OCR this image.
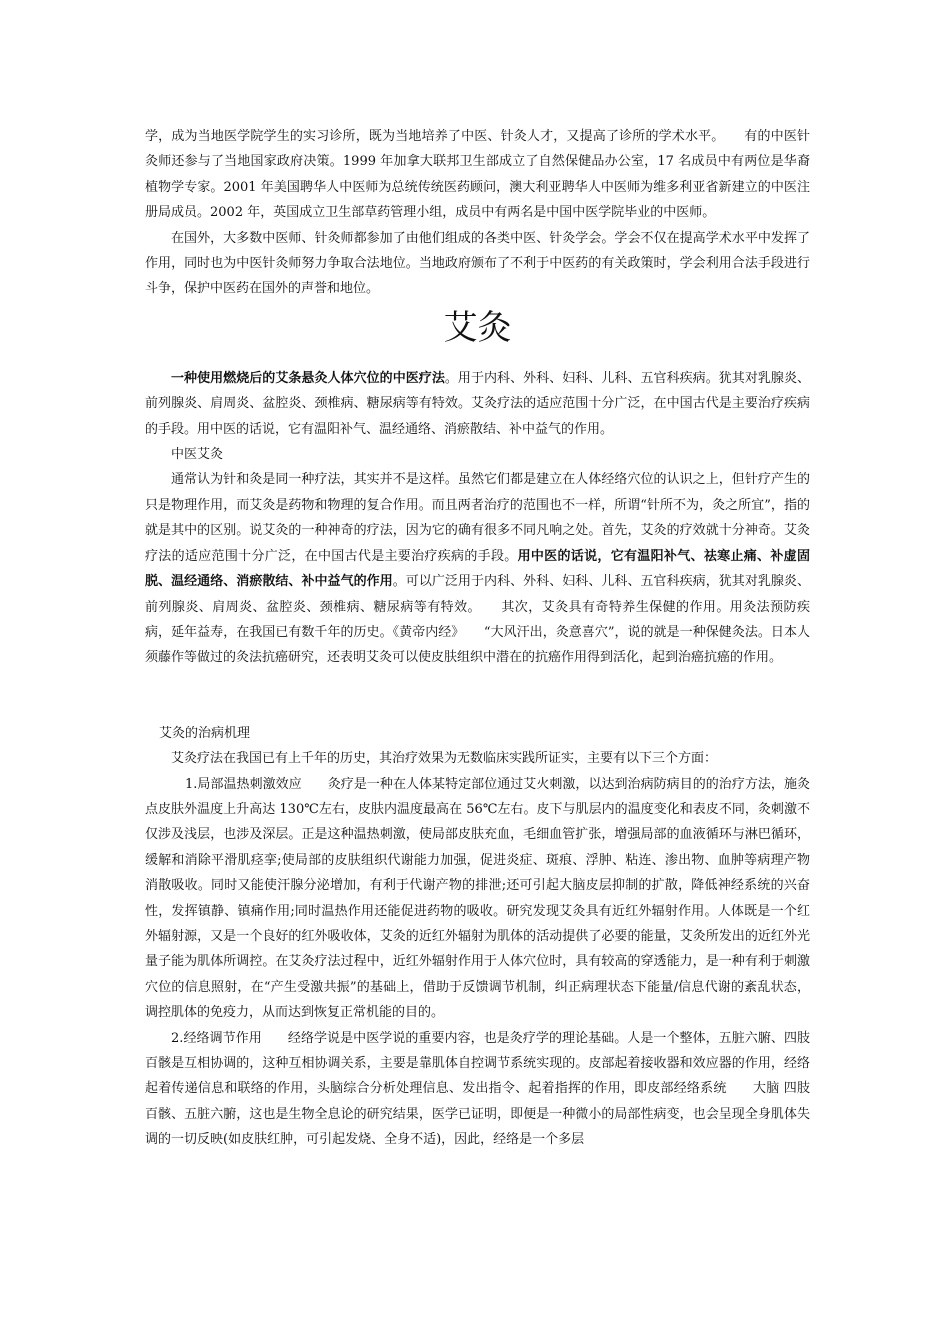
学，成为当地医学院学生的实习诊所，既为当地培养了中医、针灸人才，又提高了诊所的学术水平。　　有的中医针灸师还参与了当地国家政府决策。1999 年加拿大联邦卫生部成立了自然保健品办公室，17 名成员中有两位是华裔植物学专家。2001 年美国聘华人中医师为总统传统医药顾问，澳大利亚聘华人中医师为维多利亚省新建立的中医注册局成员。2002 年，英国成立卫生部草药管理小组，成员中有两名是中国中医学院毕业的中医师。

在国外，大多数中医师、针灸师都参加了由他们组成的各类中医、针灸学会。学会不仅在提高学术水平中发挥了作用，同时也为中医针灸师努力争取合法地位。当地政府颁布了不利于中医药的有关政策时，学会利用合法手段进行斗争，保护中医药在国外的声誉和地位。

艾灸

一种使用燃烧后的艾条悬灸人体穴位的中医疗法。用于内科、外科、妇科、儿科、五官科疾病。犹其对乳腺炎、前列腺炎、肩周炎、盆腔炎、颈椎病、糖尿病等有特效。艾灸疗法的适应范围十分广泛，在中国古代是主要治疗疾病的手段。用中医的话说，它有温阳补气、温经通络、消瘀散结、补中益气的作用。

中医艾灸

通常认为针和灸是同一种疗法，其实并不是这样。虽然它们都是建立在人体经络穴位的认识之上，但针疗产生的只是物理作用，而艾灸是药物和物理的复合作用。而且两者治疗的范围也不一样，所谓“针所不为，灸之所宜”，指的就是其中的区别。说艾灸的一种神奇的疗法，因为它的确有很多不同凡响之处。首先，艾灸的疗效就十分神奇。艾灸疗法的适应范围十分广泛，在中国古代是主要治疗疾病的手段。用中医的话说，它有温阳补气、祛寒止痛、补虚固脱、温经通络、消瘀散结、补中益气的作用。可以广泛用于内科、外科、妇科、儿科、五官科疾病，犹其对乳腺炎、前列腺炎、肩周炎、盆腔炎、颈椎病、糖尿病等有特效。　　其次，艾灸具有奇特养生保健的作用。用灸法预防疾病，延年益寿，在我国已有数千年的历史。《黄帝内经》　　“大风汗出，灸意喜穴”，说的就是一种保健灸法。日本人须藤作等做过的灸法抗癌研究，还表明艾灸可以使皮肤组织中潜在的抗癌作用得到活化，起到治癌抗癌的作用。

艾灸的治病机理

艾灸疗法在我国已有上千年的历史，其治疗效果为无数临床实践所证实，主要有以下三个方面：

1.局部温热刺激效应　　灸疗是一种在人体某特定部位通过艾火刺激，以达到治病防病目的的治疗方法，施灸点皮肤外温度上升高达 130℃左右，皮肤内温度最高在 56℃左右。皮下与肌层内的温度变化和表皮不同，灸刺激不仅涉及浅层，也涉及深层。正是这种温热刺激，使局部皮肤充血，毛细血管扩张，增强局部的血液循环与淋巴循环，缓解和消除平滑肌痉挛;使局部的皮肤组织代谢能力加强，促进炎症、斑痕、浮肿、粘连、渗出物、血肿等病理产物消散吸收。同时又能使汗腺分泌增加，有利于代谢产物的排泄;还可引起大脑皮层抑制的扩散，降低神经系统的兴奋性，发挥镇静、镇痛作用;同时温热作用还能促进药物的吸收。研究发现艾灸具有近红外辐射作用。人体既是一个红外辐射源，又是一个良好的红外吸收体，艾灸的近红外辐射为肌体的活动提供了必要的能量，艾灸所发出的近红外光量子能为肌体所调控。在艾灸疗法过程中，近红外辐射作用于人体穴位时，具有较高的穿透能力，是一种有利于刺激穴位的信息照射，在“产生受激共振”的基础上，借助于反馈调节机制，纠正病理状态下能量/信息代谢的紊乱状态，调控肌体的免疫力，从而达到恢复正常机能的目的。

2.经络调节作用　　经络学说是中医学说的重要内容，也是灸疗学的理论基础。人是一个整体，五脏六腑、四肢百骸是互相协调的，这种互相协调关系，主要是靠肌体自控调节系统实现的。皮部起着接收器和效应器的作用，经络起着传递信息和联络的作用，头脑综合分析处理信息、发出指令、起着指挥的作用，即皮部经络系统　　大脑 四肢百骸、五脏六腑，这也是生物全息论的研究结果，医学已证明，即便是一种微小的局部性病变，也会呈现全身肌体失调的一切反映(如皮肤红肿，可引起发烧、全身不适)，因此，经络是一个多层
